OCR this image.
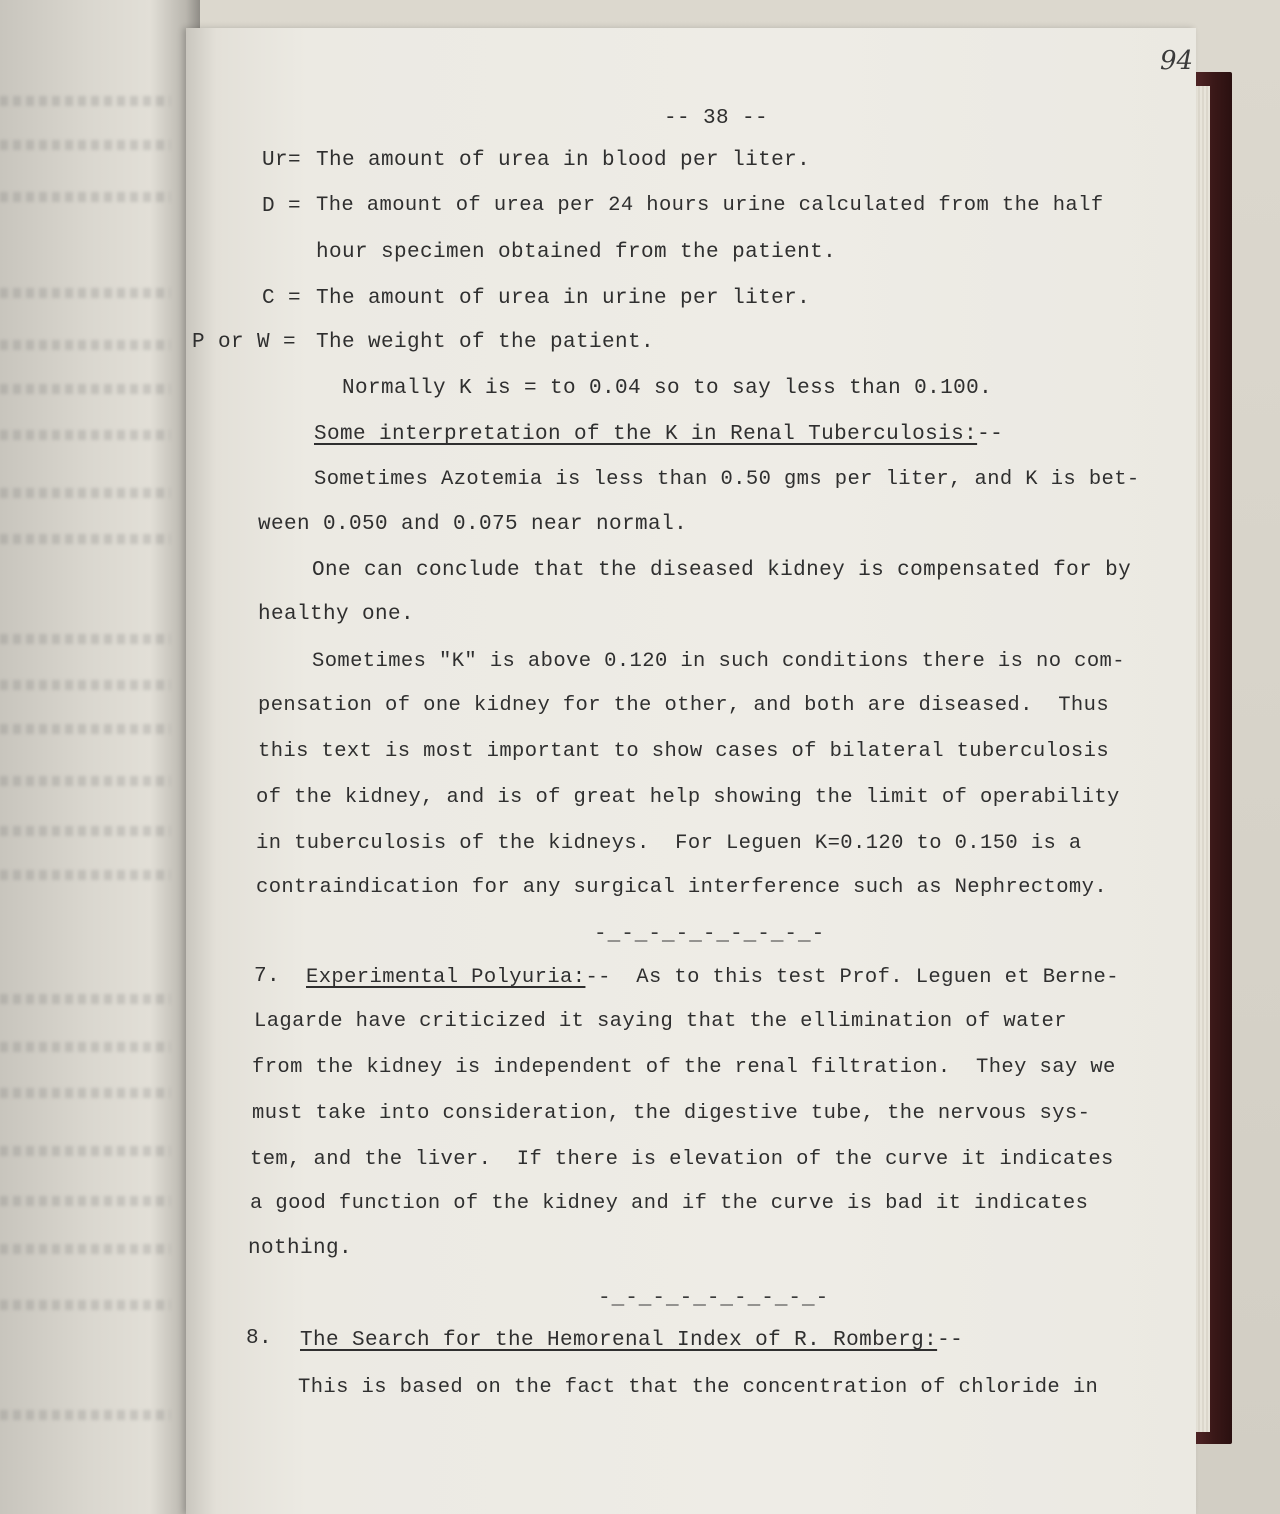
94
-- 38 --
Ur= The amount of urea in blood per liter.
D = The amount of urea per 24 hours urine calculated from the half
hour specimen obtained from the patient.
C = The amount of urea in urine per liter.
P or W = The weight of the patient.
Normally K is = to 0.04 so to say less than 0.100.
Some interpretation of the K in Renal Tuberculosis:--
Sometimes Azotemia is less than 0.50 gms per liter, and K is bet-
ween 0.050 and 0.075 near normal.
One can conclude that the diseased kidney is compensated for by
healthy one.
Sometimes "K" is above 0.120 in such conditions there is no com-
pensation of one kidney for the other, and both are diseased.  Thus
this text is most important to show cases of bilateral tuberculosis
of the kidney, and is of great help showing the limit of operability
in tuberculosis of the kidneys.  For Leguen K=0.120 to 0.150 is a
contraindication for any surgical interference such as Nephrectomy.
-_-_-_-_-_-_-_-_-
7. Experimental Polyuria:--  As to this test Prof. Leguen et Berne-
Lagarde have criticized it saying that the ellimination of water
from the kidney is independent of the renal filtration.  They say we
must take into consideration, the digestive tube, the nervous sys-
tem, and the liver.  If there is elevation of the curve it indicates
a good function of the kidney and if the curve is bad it indicates
nothing.
-_-_-_-_-_-_-_-_-
8. The Search for the Hemorenal Index of R. Romberg:--
This is based on the fact that the concentration of chloride in
